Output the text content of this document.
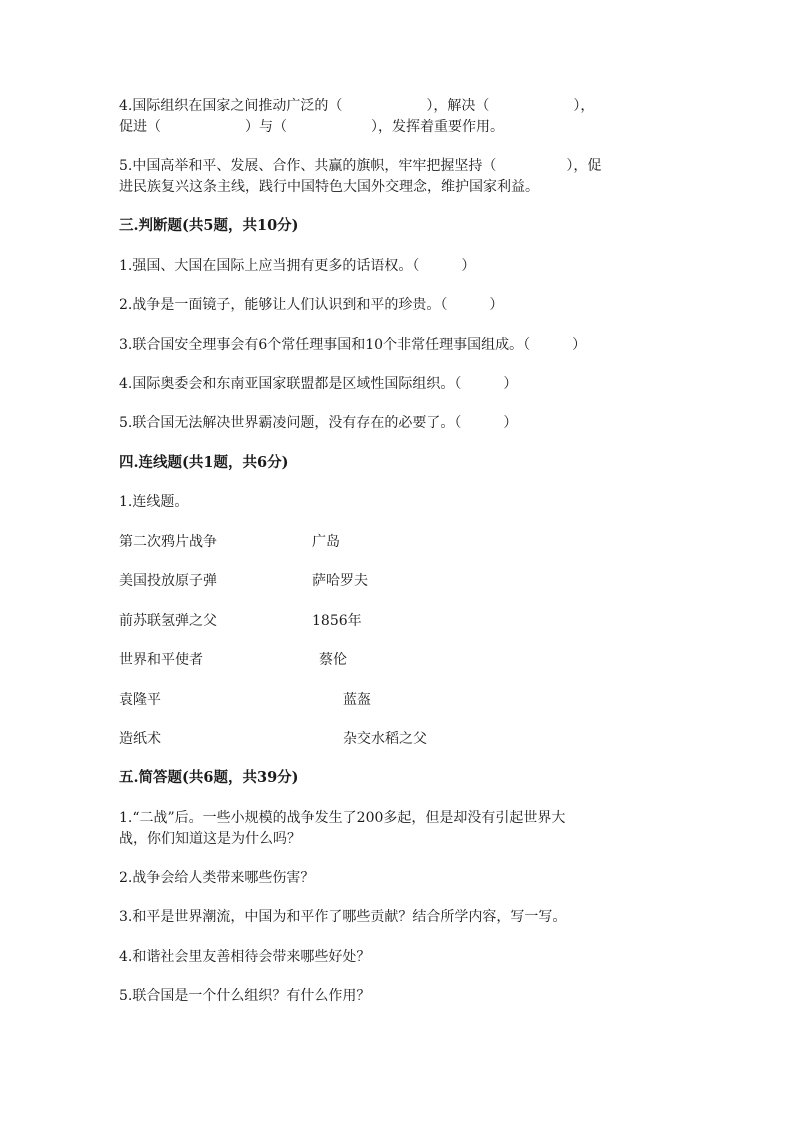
4.国际组织在国家之间推动广泛的（　　　　　　），解决（　　　　　　），
促进（　　　　　　）与（　　　　　　），发挥着重要作用。
5.中国高举和平、发展、合作、共赢的旗帜，牢牢把握坚持（　　　　　），促
进民族复兴这条主线，践行中国特色大国外交理念，维护国家利益。
三.判断题(共5题，共10分)
1.强国、大国在国际上应当拥有更多的话语权。（　　　）
2.战争是一面镜子，能够让人们认识到和平的珍贵。（　　　）
3.联合国安全理事会有6个常任理事国和10个非常任理事国组成。（　　　）
4.国际奥委会和东南亚国家联盟都是区域性国际组织。（　　　）
5.联合国无法解决世界霸凌问题，没有存在的必要了。（　　　）
四.连线题(共1题，共6分)
1.连线题。
第二次鸦片战争	广岛
美国投放原子弹	萨哈罗夫
前苏联氢弹之父	1856年
世界和平使者	蔡伦
袁隆平	蓝盔
造纸术	杂交水稻之父
五.简答题(共6题，共39分)
1.“二战”后。一些小规模的战争发生了200多起，但是却没有引起世界大
战，你们知道这是为什么吗？
2.战争会给人类带来哪些伤害？
3.和平是世界潮流，中国为和平作了哪些贡献？结合所学内容，写一写。
4.和谐社会里友善相待会带来哪些好处？
5.联合国是一个什么组织？有什么作用？
